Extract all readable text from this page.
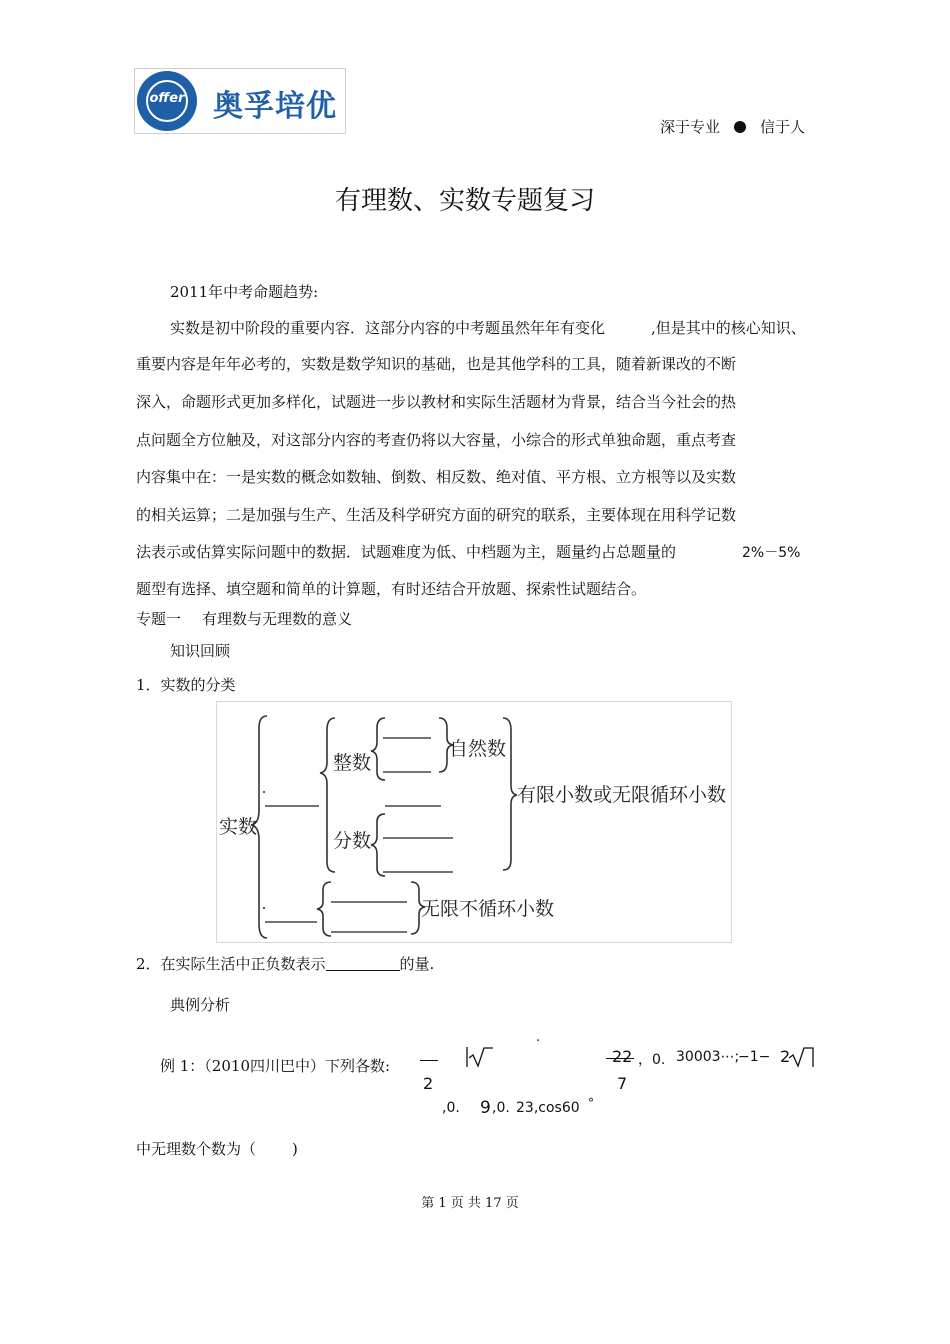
offer 奥孚培优
深于专业	信于人
有理数、实数专题复习
2011年中考命题趋势:
实数是初中阶段的重要内容．这部分内容的中考题虽然年年有变化	,但是其中的核心知识、
重要内容是年年必考的，实数是数学知识的基础，也是其他学科的工具，随着新课改的不断
深入，命题形式更加多样化，试题进一步以教材和实际生活题材为背景，结合当今社会的热
点问题全方位触及，对这部分内容的考查仍将以大容量，小综合的形式单独命题，重点考查
内容集中在：一是实数的概念如数轴、倒数、相反数、绝对值、平方根、立方根等以及实数
的相关运算；二是加强与生产、生活及科学研究方面的研究的联系，主要体现在用科学记数
法表示或估算实际问题中的数据．试题难度为低、中档题为主，题量约占总题量的	2%－5%
题型有选择、填空题和简单的计算题，有时还结合开放题、探索性试题结合。
专题一 有理数与无理数的意义
知识回顾
1．实数的分类
实数
整数
自然数
分数
有限小数或无限循环小数
无限不循环小数
2．在实际生活中正负数表示	的量.
典例分析
.
例 1：（2010四川巴中）下列各数:
2
22
7
，0. 30003⋯;
−1− 2
,0. 9 ,0. 23,cos60 °
中无理数个数为（ )
第 1 页 共 17 页
